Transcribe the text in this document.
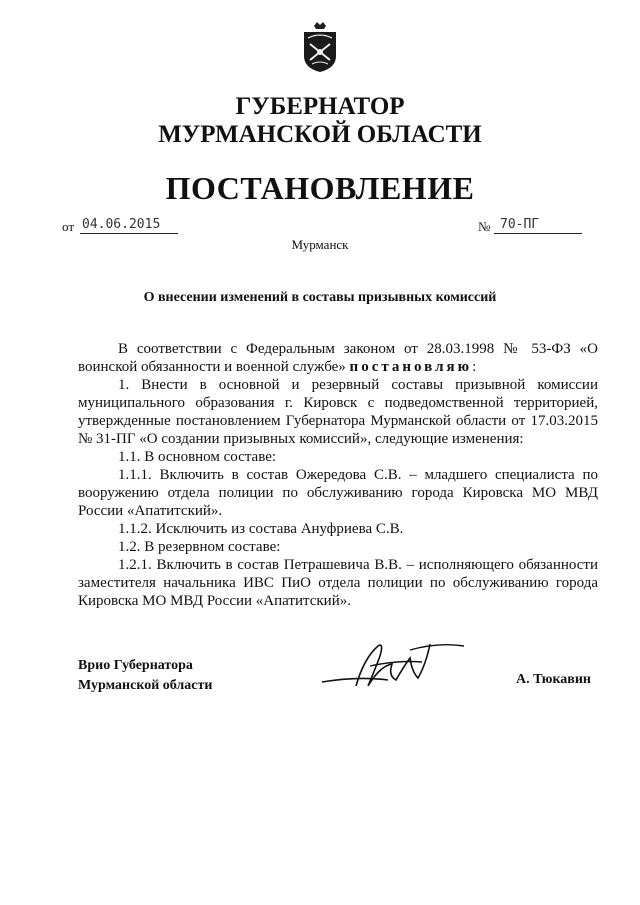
ГУБЕРНАТОР
МУРМАНСКОЙ ОБЛАСТИ
ПОСТАНОВЛЕНИЕ
от 04.06.2015	№ 70-ПГ
Мурманск
О внесении изменений в составы призывных комиссий

В соответствии с Федеральным законом от 28.03.1998 № 53-ФЗ «О воинской обязанности и военной службе» постановляю:

1. Внести в основной и резервный составы призывной комиссии муниципального образования г. Кировск с подведомственной территорией, утвержденные постановлением Губернатора Мурманской области от 17.03.2015 № 31-ПГ «О создании призывных комиссий», следующие изменения:

1.1. В основном составе:

1.1.1. Включить в состав Ожередова С.В. – младшего специалиста по вооружению отдела полиции по обслуживанию города Кировска МО МВД России «Апатитский».

1.1.2. Исключить из состава Ануфриева С.В.

1.2. В резервном составе:

1.2.1. Включить в состав Петрашевича В.В. – исполняющего обязанности заместителя начальника ИВС ПиО отдела полиции по обслуживанию города Кировска МО МВД России «Апатитский».

Врио Губернатора
Мурманской области	А. Тюкавин
